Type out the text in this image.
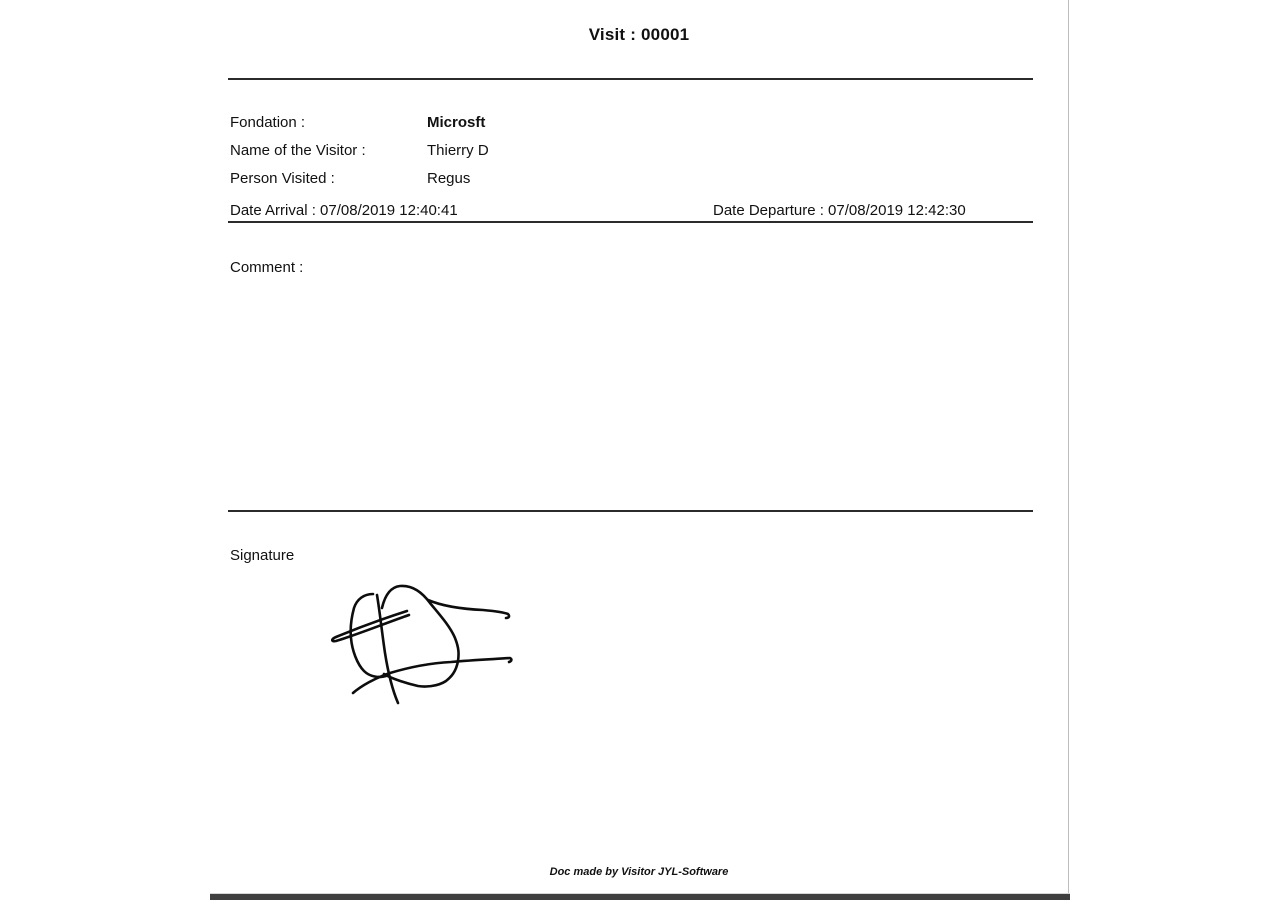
Visit : 00001
Fondation :	Microsft
Name of the Visitor :	Thierry D
Person Visited :	Regus
Date Arrival : 07/08/2019 12:40:41	Date Departure : 07/08/2019 12:42:30
Comment :
Signature
Doc made by Visitor JYL-Software
